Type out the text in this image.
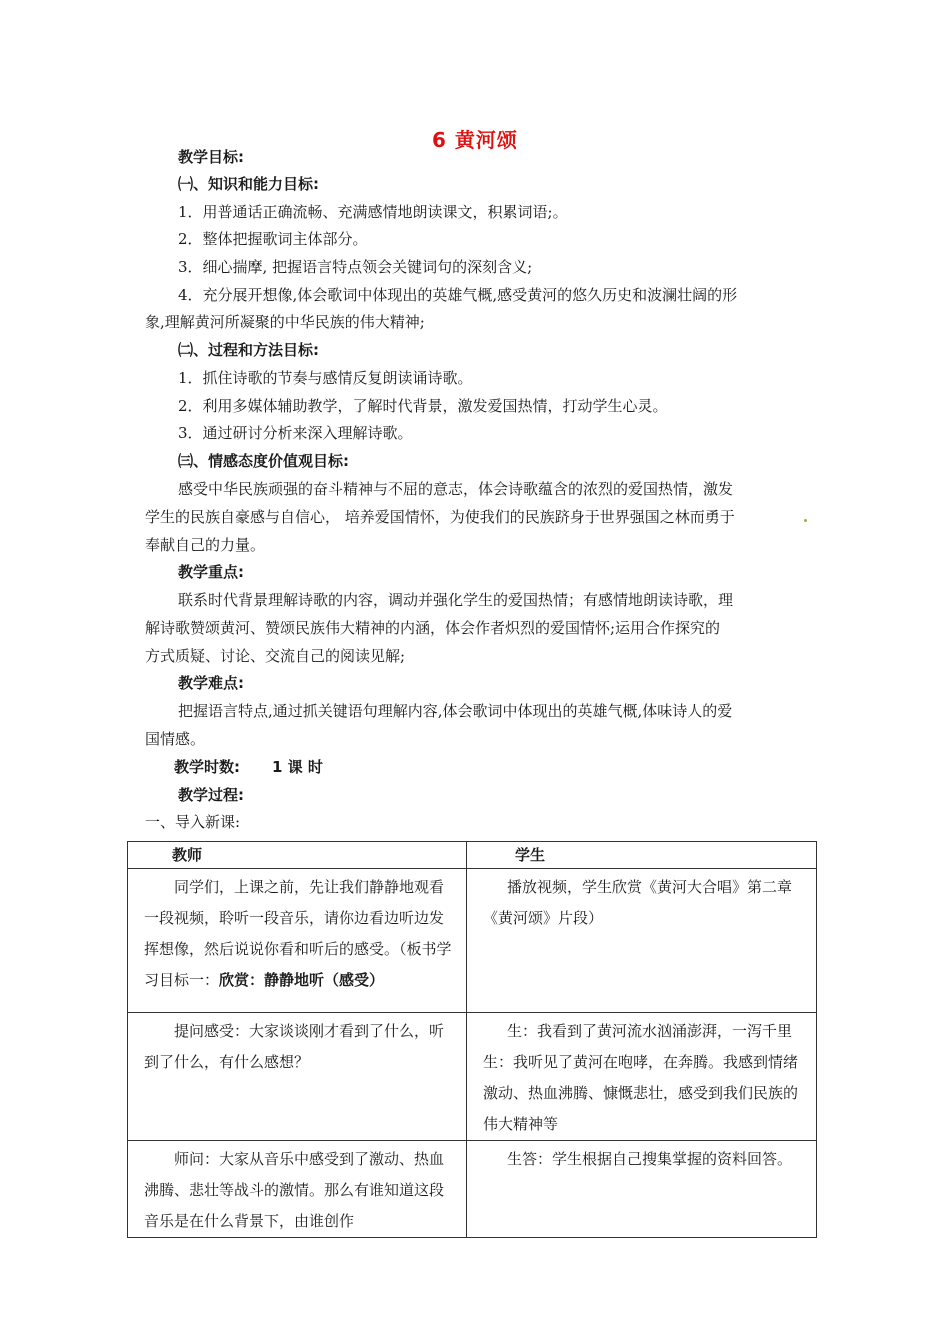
6 黄河颂
教学目标:
㈠、知识和能力目标:
1．用普通话正确流畅、充满感情地朗读课文，积累词语;。
2．整体把握歌词主体部分。
3．细心揣摩, 把握语言特点领会关键词句的深刻含义;
4．充分展开想像,体会歌词中体现出的英雄气概,感受黄河的悠久历史和波澜壮阔的形
象,理解黄河所凝聚的中华民族的伟大精神;
㈡、过程和方法目标:
1．抓住诗歌的节奏与感情反复朗读诵诗歌。
2．利用多媒体辅助教学，了解时代背景，激发爱国热情，打动学生心灵。
3．通过研讨分析来深入理解诗歌。
㈢、情感态度价值观目标:
感受中华民族顽强的奋斗精神与不屈的意志，体会诗歌蕴含的浓烈的爱国热情，激发
学生的民族自豪感与自信心， 培养爱国情怀，为使我们的民族跻身于世界强国之林而勇于
奉献自己的力量。
教学重点:
联系时代背景理解诗歌的内容，调动并强化学生的爱国热情；有感情地朗读诗歌，理
解诗歌赞颂黄河、赞颂民族伟大精神的内涵，体会作者炽烈的爱国情怀;运用合作探究的
方式质疑、讨论、交流自己的阅读见解;
教学难点:
把握语言特点,通过抓关键语句理解内容,体会歌词中体现出的英雄气概,体味诗人的爱
国情感。
教学时数: 1 课 时
教学过程:
一、导入新课:
教师	学生

同学们，上课之前，先让我们静静地观看一段视频，聆听一段音乐，请你边看边听边发挥想像，然后说说你看和听后的感受。（板书学习目标一：欣赏：静静地听（感受）	播放视频，学生欣赏《黄河大合唱》第二章《黄河颂》片段）

提问感受：大家谈谈刚才看到了什么，听到了什么，有什么感想？	生：我看到了黄河流水汹涌澎湃，一泻千里 生：我听见了黄河在咆哮，在奔腾。我感到情绪激动、热血沸腾、慷慨悲壮，感受到我们民族的伟大精神等

师问：大家从音乐中感受到了激动、热血沸腾、悲壮等战斗的激情。那么有谁知道这段音乐是在什么背景下，由谁创作	生答：学生根据自己搜集掌握的资料回答。
